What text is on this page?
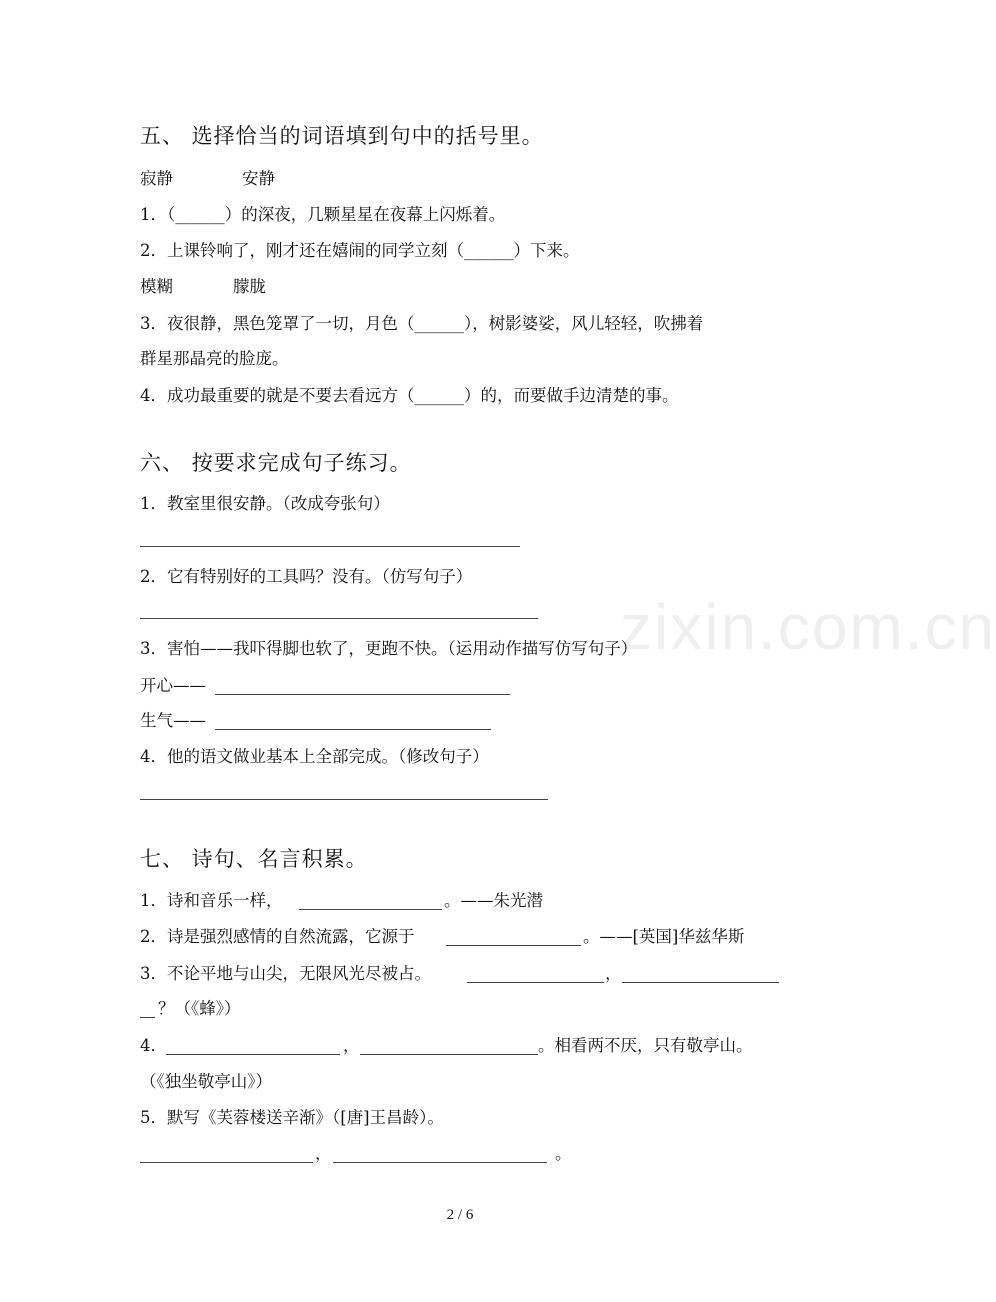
zixin.com.cn
五、 选择恰当的词语填到句中的括号里。
寂静	安静
1．（______）的深夜，几颗星星在夜幕上闪烁着。
2．上课铃响了，刚才还在嬉闹的同学立刻（______）下来。
模糊	朦胧
3．夜很静，黑色笼罩了一切，月色（______），树影婆娑，风儿轻轻，吹拂着
群星那晶亮的脸庞。
4．成功最重要的就是不要去看远方（______）的，而要做手边清楚的事。
六、 按要求完成句子练习。
1．教室里很安静。（改成夸张句）
2．它有特别好的工具吗？没有。（仿写句子）
3．害怕——我吓得脚也软了，更跑不快。（运用动作描写仿写句子）
开心——
生气——
4．他的语文做业基本上全部完成。（修改句子）
七、 诗句、名言积累。
1．诗和音乐一样，	。——朱光潜
2．诗是强烈感情的自然流露，它源于	。——[英国]华兹华斯
3．不论平地与山尖，无限风光尽被占。	，
？（《蜂》）
4．	，	。相看两不厌，只有敬亭山。
（《独坐敬亭山》）
5．默写《芙蓉楼送辛渐》（[唐]王昌龄）。
，	。
2 / 6
